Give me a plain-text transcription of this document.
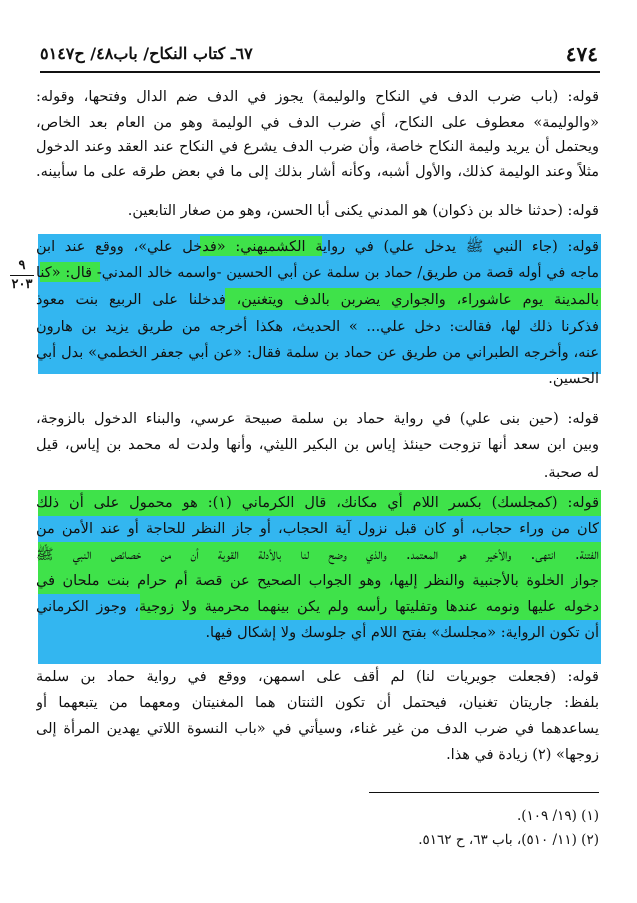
٤٧٤
٦٧ـ كتاب النكاح/ باب٤٨/ ح٥١٤٧
٩
٢٠٣
قوله: (باب ضرب الدف في النكاح والوليمة) يجوز في الدف ضم الدال وفتحها، وقوله:
«والوليمة» معطوف على النكاح، أي ضرب الدف في الوليمة وهو من العام بعد الخاص،
ويحتمل أن يريد وليمة النكاح خاصة، وأن ضرب الدف يشرع في النكاح عند العقد وعند الدخول
مثلاً وعند الوليمة كذلك، والأول أشبه، وكأنه أشار بذلك إلى ما في بعض طرقه على ما سأبينه.
قوله: (حدثنا خالد بن ذكوان) هو المدني يكنى أبا الحسن، وهو من صغار التابعين.
قوله: (جاء النبي ﷺ يدخل علي) في رواية الكشميهني: «فدخل علي»، ووقع عند ابن
ماجه في أوله قصة من طريق/ حماد بن سلمة عن أبي الحسين -واسمه خالد المدني- قال: «كنا
بالمدينة يوم عاشوراء، والجواري يضربن بالدف ويتغنين، فدخلنا على الربيع بنت معوذ
فذكرنا ذلك لها، فقالت: دخل علي... » الحديث، هكذا أخرجه من طريق يزيد بن هارون
عنه، وأخرجه الطبراني من طريق عن حماد بن سلمة فقال: «عن أبي جعفر الخطمي» بدل أبي
الحسين.
قوله: (حين بنى علي) في رواية حماد بن سلمة صبيحة عرسي، والبناء الدخول بالزوجة،
وبين ابن سعد أنها تزوجت حينئذ إياس بن البكير الليثي، وأنها ولدت له محمد بن إياس، قيل
له صحبة.
قوله: (كمجلسك) بكسر اللام أي مكانك، قال الكرماني (١): هو محمول على أن ذلك
كان من وراء حجاب، أو كان قبل نزول آية الحجاب، أو جاز النظر للحاجة أو عند الأمن من
الفتنة. انتهى. والأخير هو المعتمد. والذي وضح لنا بالأدلة القوية أن من خصائص النبي ﷺ
جواز الخلوة بالأجنبية والنظر إليها، وهو الجواب الصحيح عن قصة أم حرام بنت ملحان في
دخوله عليها ونومه عندها وتفليتها رأسه ولم يكن بينهما محرمية ولا زوجية، وجوز الكرماني
أن تكون الرواية: «مجلسك» بفتح اللام أي جلوسك ولا إشكال فيها.
قوله: (فجعلت جويريات لنا) لم أقف على اسمهن، ووقع في رواية حماد بن سلمة
بلفظ: جاريتان تغنيان، فيحتمل أن تكون الثنتان هما المغنيتان ومعهما من يتبعهما أو
يساعدهما في ضرب الدف من غير غناء، وسيأتي في «باب النسوة اللاتي يهدين المرأة إلى
زوجها» (٢) زيادة في هذا.
(١) (١٩/ ١٠٩).
(٢) (١١/ ٥١٠)، باب ٦٣، ح ٥١٦٢.
